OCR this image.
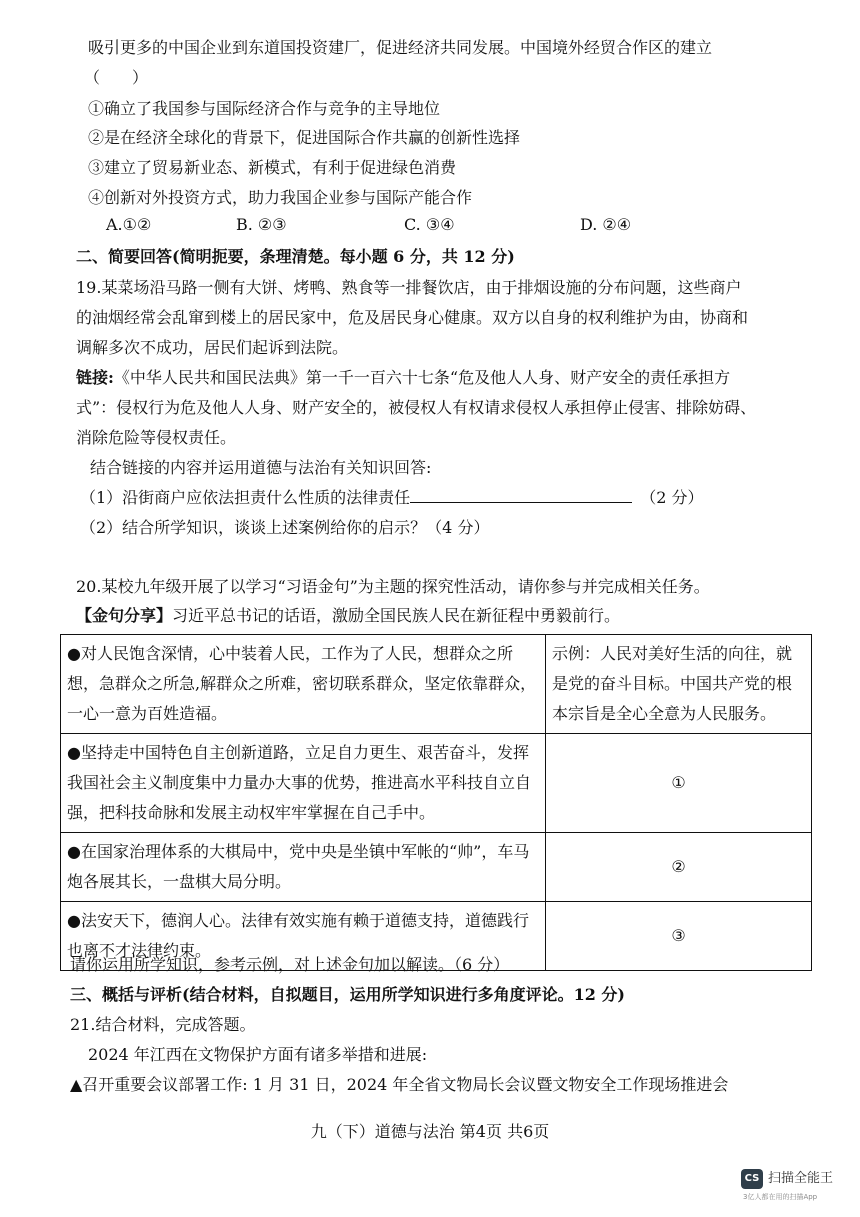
吸引更多的中国企业到东道国投资建厂，促进经济共同发展。中国境外经贸合作区的建立
（　　）
①确立了我国参与国际经济合作与竞争的主导地位
②是在经济全球化的背景下，促进国际合作共赢的创新性选择
③建立了贸易新业态、新模式，有利于促进绿色消费
④创新对外投资方式，助力我国企业参与国际产能合作
A.①②	B. ②③	C. ③④	D. ②④
二、简要回答(简明扼要，条理清楚。每小题 6 分，共 12 分)
19.某菜场沿马路一侧有大饼、烤鸭、熟食等一排餐饮店，由于排烟设施的分布问题，这些商户
的油烟经常会乱窜到楼上的居民家中，危及居民身心健康。双方以自身的权利维护为由，协商和
调解多次不成功，居民们起诉到法院。
链接:《中华人民共和国民法典》第一千一百六十七条“危及他人人身、财产安全的责任承担方
式”：侵权行为危及他人人身、财产安全的，被侵权人有权请求侵权人承担停止侵害、排除妨碍、
消除危险等侵权责任。
结合链接的内容并运用道德与法治有关知识回答:
（1）沿街商户应依法担责什么性质的法律责任	（2 分）
（2）结合所学知识，谈谈上述案例给你的启示？（4 分）
20.某校九年级开展了以学习“习语金句”为主题的探究性活动，请你参与并完成相关任务。
【金句分享】习近平总书记的话语，激励全国民族人民在新征程中勇毅前行。
●对人民饱含深情，心中装着人民，工作为了人民，想群众之所想，急群众之所急,解群众之所难，密切联系群众，坚定依靠群众，一心一意为百姓造福。	示例：人民对美好生活的向往，就是党的奋斗目标。中国共产党的根本宗旨是全心全意为人民服务。
●坚持走中国特色自主创新道路，立足自力更生、艰苦奋斗，发挥我国社会主义制度集中力量办大事的优势，推进高水平科技自立自强，把科技命脉和发展主动权牢牢掌握在自己手中。	①
●在国家治理体系的大棋局中，党中央是坐镇中军帐的“帅”，车马炮各展其长，一盘棋大局分明。	②
●法安天下，德润人心。法律有效实施有赖于道德支持，道德践行也离不才法律约束。	③
请你运用所学知识，参考示例，对上述金句加以解读。（6 分）
三、概括与评析(结合材料，自拟题目，运用所学知识进行多角度评论。12 分)
21.结合材料，完成答题。
2024 年江西在文物保护方面有诸多举措和进展:
▲召开重要会议部署工作: 1 月 31 日，2024 年全省文物局长会议暨文物安全工作现场推进会
九（下）道德与法治 第4页 共6页
CS 扫描全能王
3亿人都在用的扫描App
